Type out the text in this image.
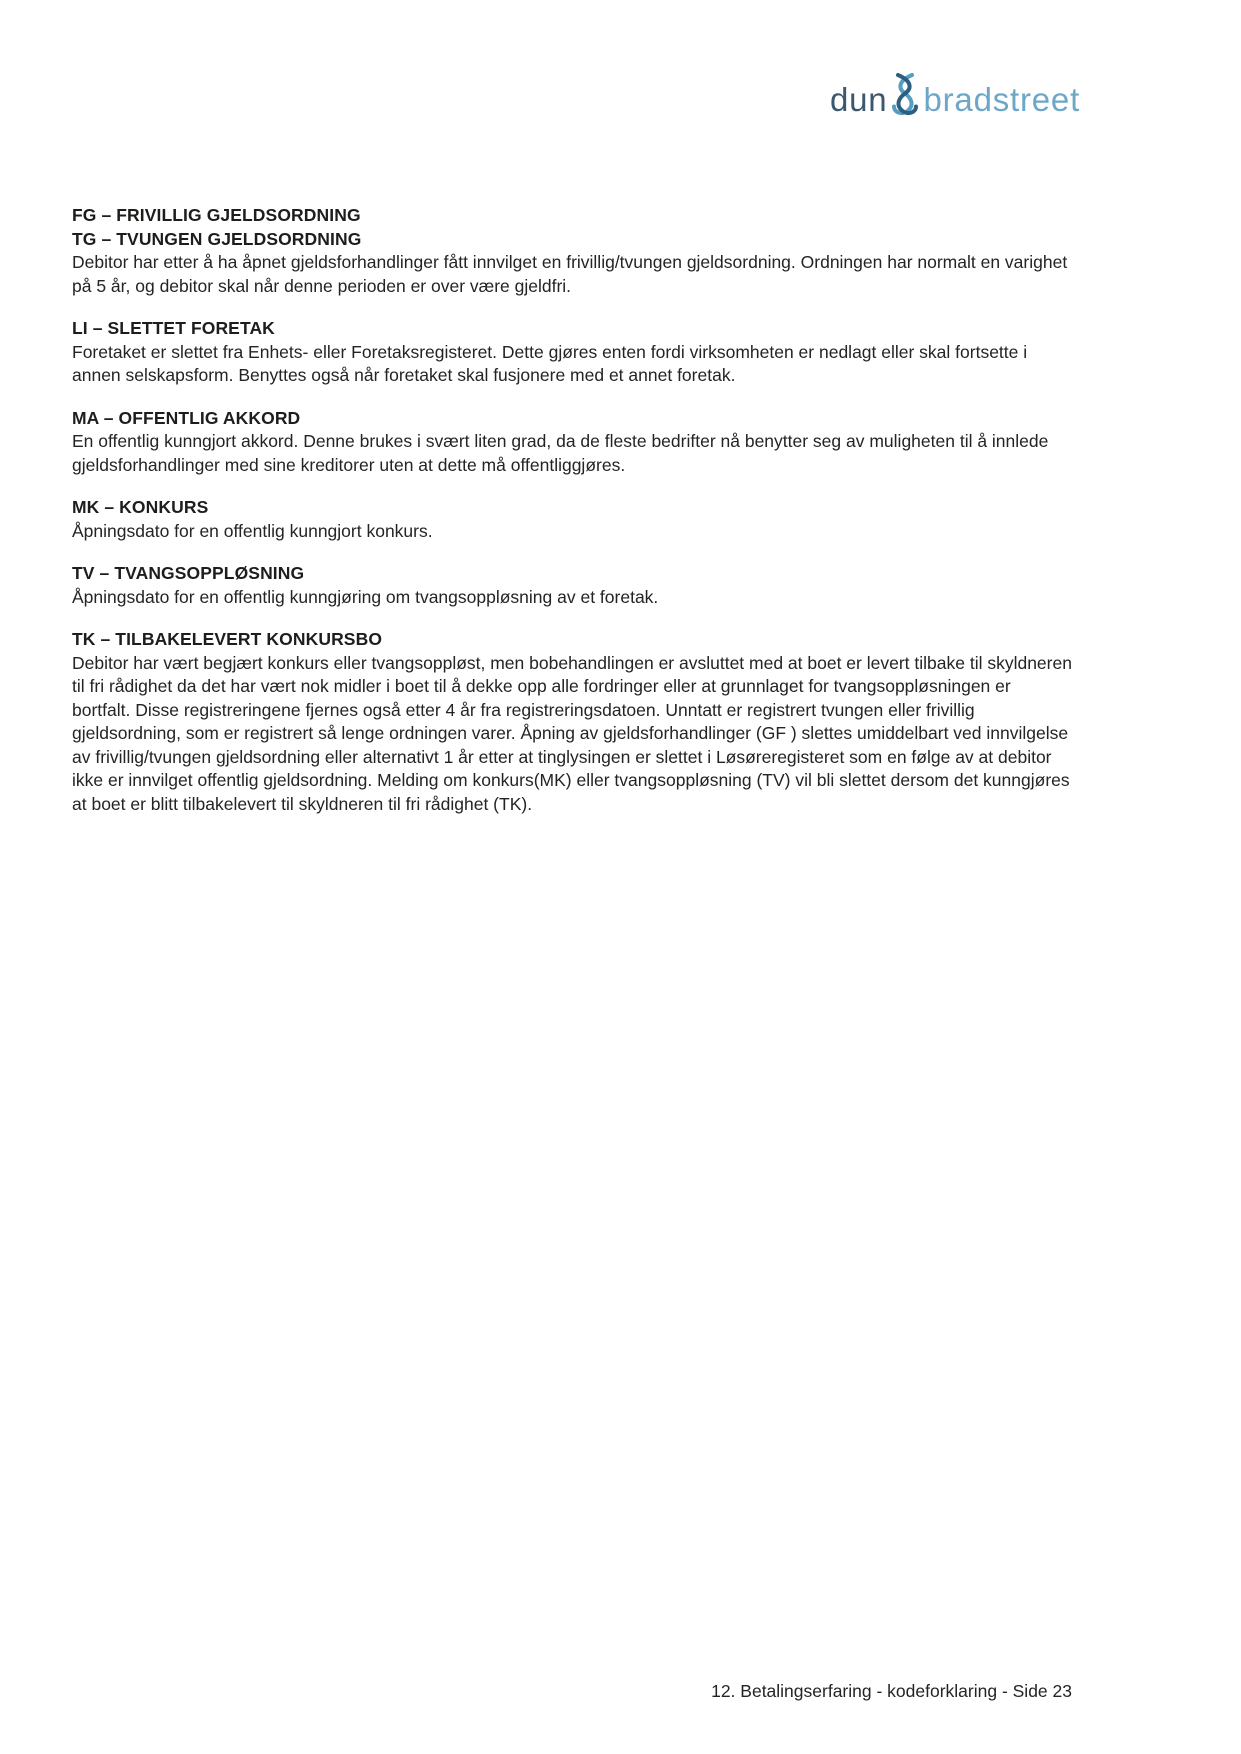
dun bradstreet
FG – FRIVILLIG GJELDSORDNING
TG – TVUNGEN GJELDSORDNING

Debitor har etter å ha åpnet gjeldsforhandlinger fått innvilget en frivillig/tvungen gjeldsordning. Ordningen har normalt en varighet på 5 år, og debitor skal når denne perioden er over være gjeldfri.

LI – SLETTET FORETAK

Foretaket er slettet fra Enhets- eller Foretaksregisteret. Dette gjøres enten fordi virksomheten er nedlagt eller skal fortsette i annen selskapsform. Benyttes også når foretaket skal fusjonere med et annet foretak.

MA – OFFENTLIG AKKORD

En offentlig kunngjort akkord. Denne brukes i svært liten grad, da de fleste bedrifter nå benytter seg av muligheten til å innlede gjeldsforhandlinger med sine kreditorer uten at dette må offentliggjøres.

MK – KONKURS

Åpningsdato for en offentlig kunngjort konkurs.

TV – TVANGSOPPLØSNING

Åpningsdato for en offentlig kunngjøring om tvangsoppløsning av et foretak.

TK – TILBAKELEVERT KONKURSBO

Debitor har vært begjært konkurs eller tvangsoppløst, men bobehandlingen er avsluttet med at boet er levert tilbake til skyldneren til fri rådighet da det har vært nok midler i boet til å dekke opp alle fordringer eller at grunnlaget for tvangsoppløsningen er bortfalt. Disse registreringene fjernes også etter 4 år fra registreringsdatoen. Unntatt er registrert tvungen eller frivillig gjeldsordning, som er registrert så lenge ordningen varer. Åpning av gjeldsforhandlinger (GF ) slettes umiddelbart ved innvilgelse av frivillig/tvungen gjeldsordning eller alternativt 1 år etter at tinglysingen er slettet i Løsøreregisteret som en følge av at debitor ikke er innvilget offentlig gjeldsordning. Melding om konkurs(MK) eller tvangsoppløsning (TV) vil bli slettet dersom det kunngjøres at boet er blitt tilbakelevert til skyldneren til fri rådighet (TK).

12. Betalingserfaring - kodeforklaring - Side 23
